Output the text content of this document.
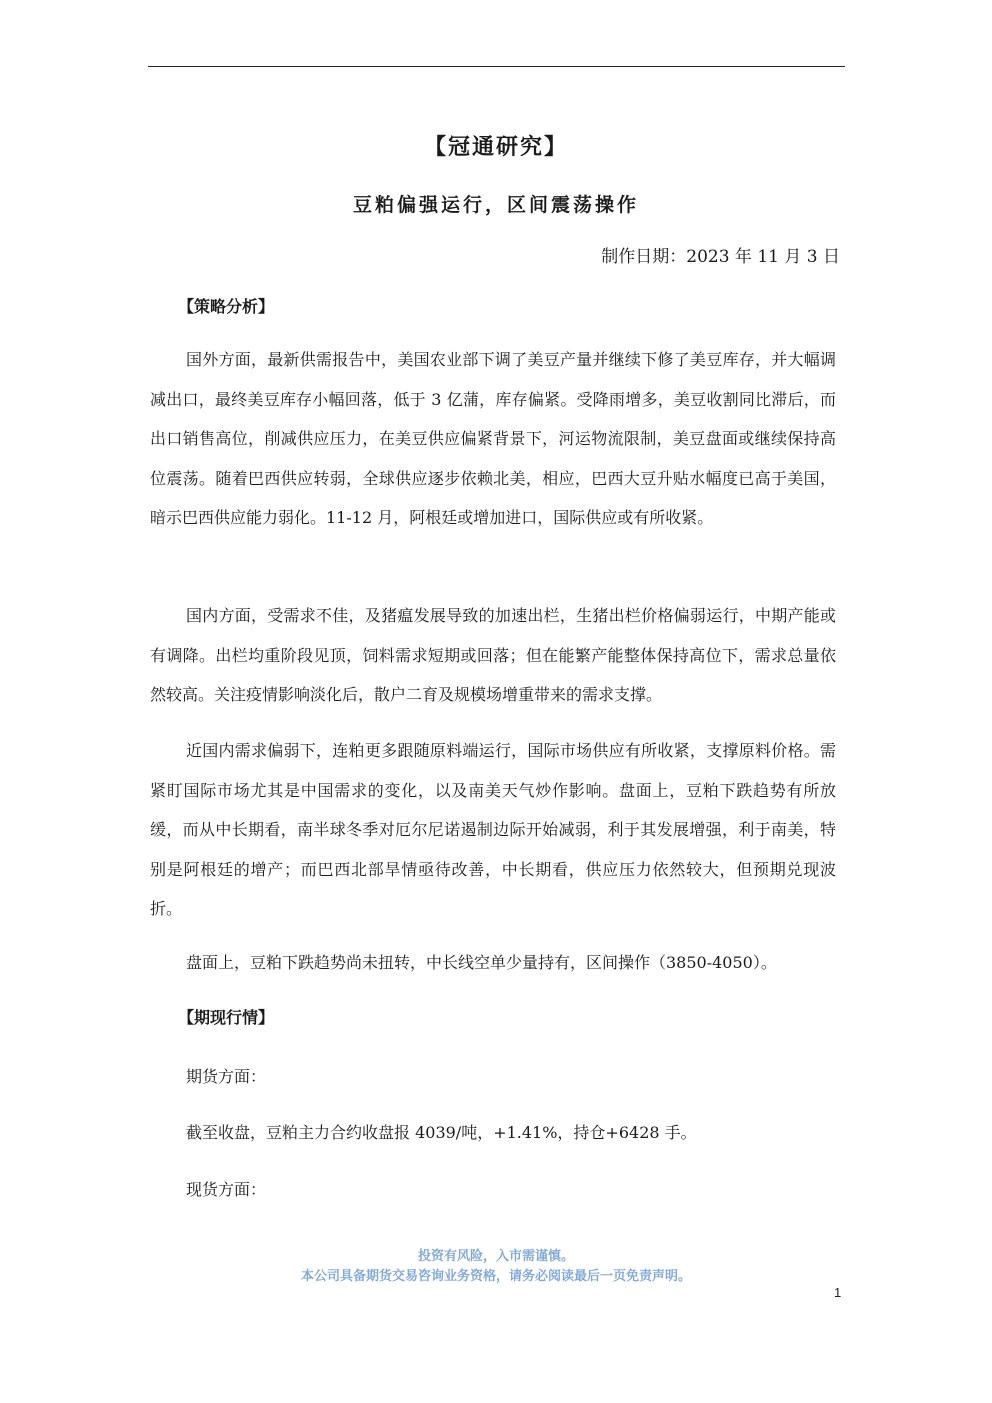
【冠通研究】
豆粕偏强运行，区间震荡操作
制作日期：2023 年 11 月 3 日
【策略分析】

国外方面，最新供需报告中，美国农业部下调了美豆产量并继续下修了美豆库存，并大幅调减出口，最终美豆库存小幅回落，低于 3 亿蒲，库存偏紧。受降雨增多，美豆收割同比滞后，而出口销售高位，削减供应压力，在美豆供应偏紧背景下，河运物流限制，美豆盘面或继续保持高位震荡。随着巴西供应转弱，全球供应逐步依赖北美，相应，巴西大豆升贴水幅度已高于美国，暗示巴西供应能力弱化。11-12 月，阿根廷或增加进口，国际供应或有所收紧。

国内方面，受需求不佳，及猪瘟发展导致的加速出栏，生猪出栏价格偏弱运行，中期产能或有调降。出栏均重阶段见顶，饲料需求短期或回落；但在能繁产能整体保持高位下，需求总量依然较高。关注疫情影响淡化后，散户二育及规模场增重带来的需求支撑。

近国内需求偏弱下，连粕更多跟随原料端运行，国际市场供应有所收紧，支撑原料价格。需紧盯国际市场尤其是中国需求的变化，以及南美天气炒作影响。盘面上，豆粕下跌趋势有所放缓，而从中长期看，南半球冬季对厄尔尼诺遏制边际开始减弱，利于其发展增强，利于南美，特别是阿根廷的增产；而巴西北部旱情亟待改善，中长期看，供应压力依然较大，但预期兑现波折。

盘面上，豆粕下跌趋势尚未扭转，中长线空单少量持有，区间操作（3850-4050）。
【期现行情】
期货方面：
截至收盘，豆粕主力合约收盘报 4039/吨，+1.41%，持仓+6428 手。
现货方面：
投资有风险，入市需谨慎。
本公司具备期货交易咨询业务资格，请务必阅读最后一页免责声明。
1
